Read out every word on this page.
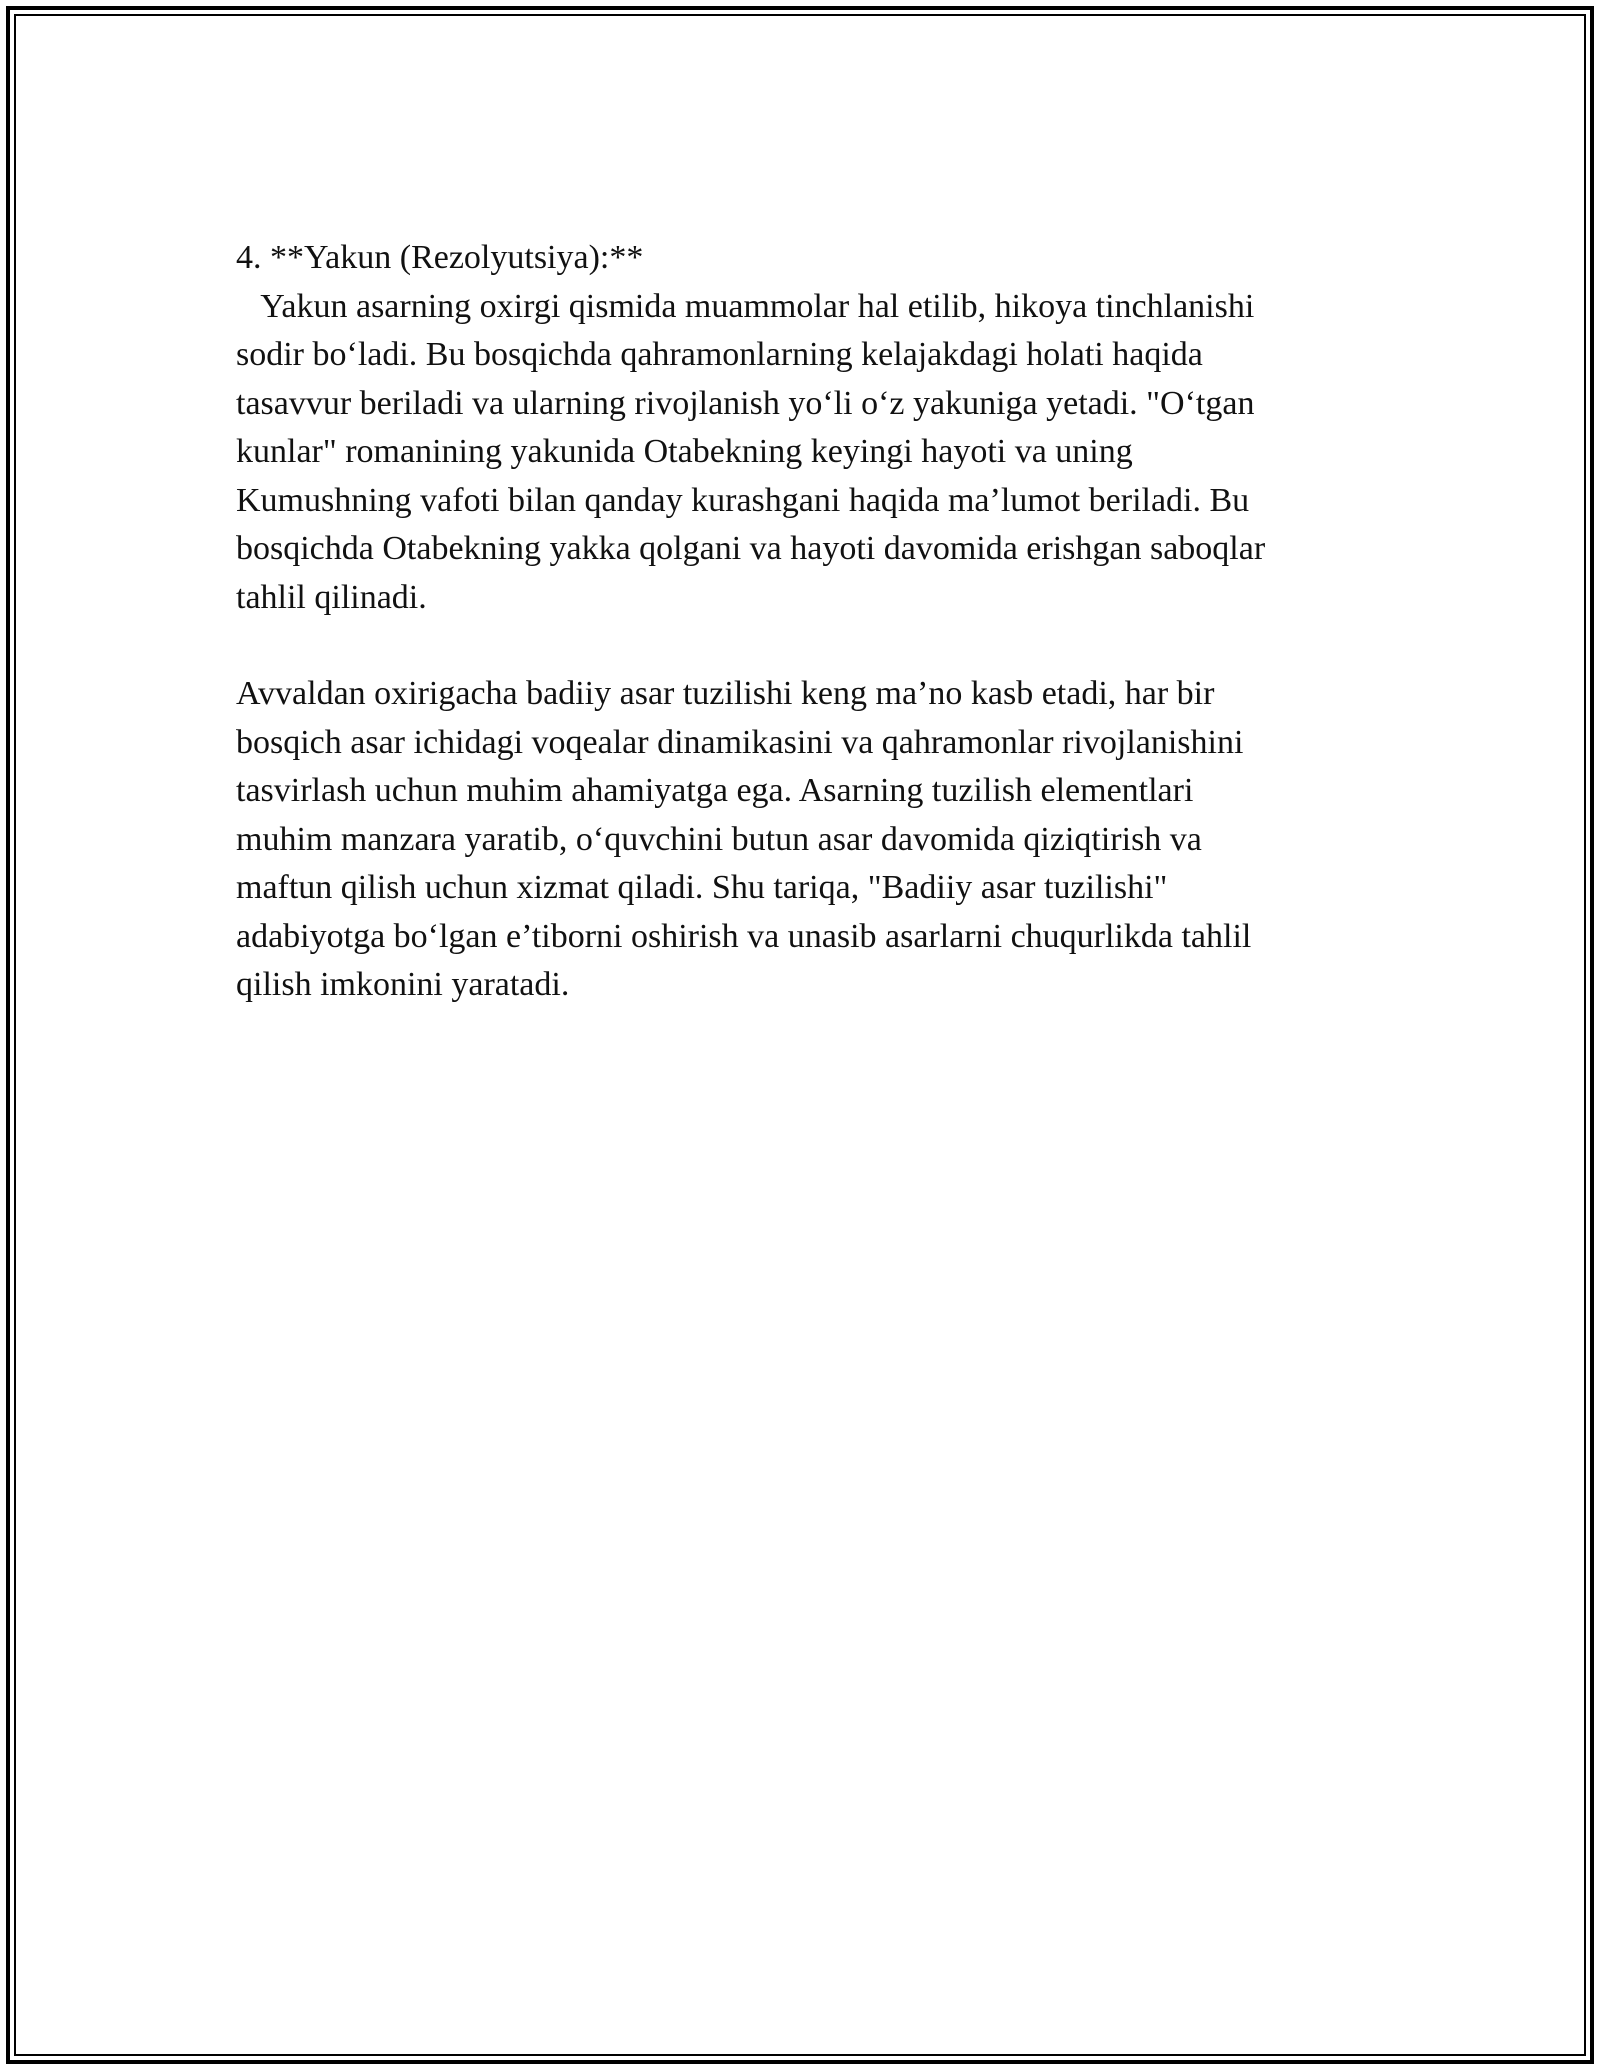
4. **Yakun (Rezolyutsiya):**
Yakun asarning oxirgi qismida muammolar hal etilib, hikoya tinchlanishi
sodir bo‘ladi. Bu bosqichda qahramonlarning kelajakdagi holati haqida
tasavvur beriladi va ularning rivojlanish yo‘li o‘z yakuniga yetadi. "O‘tgan
kunlar" romanining yakunida Otabekning keyingi hayoti va uning
Kumushning vafoti bilan qanday kurashgani haqida ma’lumot beriladi. Bu
bosqichda Otabekning yakka qolgani va hayoti davomida erishgan saboqlar
tahlil qilinadi.
Avvaldan oxirigacha badiiy asar tuzilishi keng ma’no kasb etadi, har bir
bosqich asar ichidagi voqealar dinamikasini va qahramonlar rivojlanishini
tasvirlash uchun muhim ahamiyatga ega. Asarning tuzilish elementlari
muhim manzara yaratib, o‘quvchini butun asar davomida qiziqtirish va
maftun qilish uchun xizmat qiladi. Shu tariqa, "Badiiy asar tuzilishi"
adabiyotga bo‘lgan e’tiborni oshirish va unasib asarlarni chuqurlikda tahlil
qilish imkonini yaratadi.
